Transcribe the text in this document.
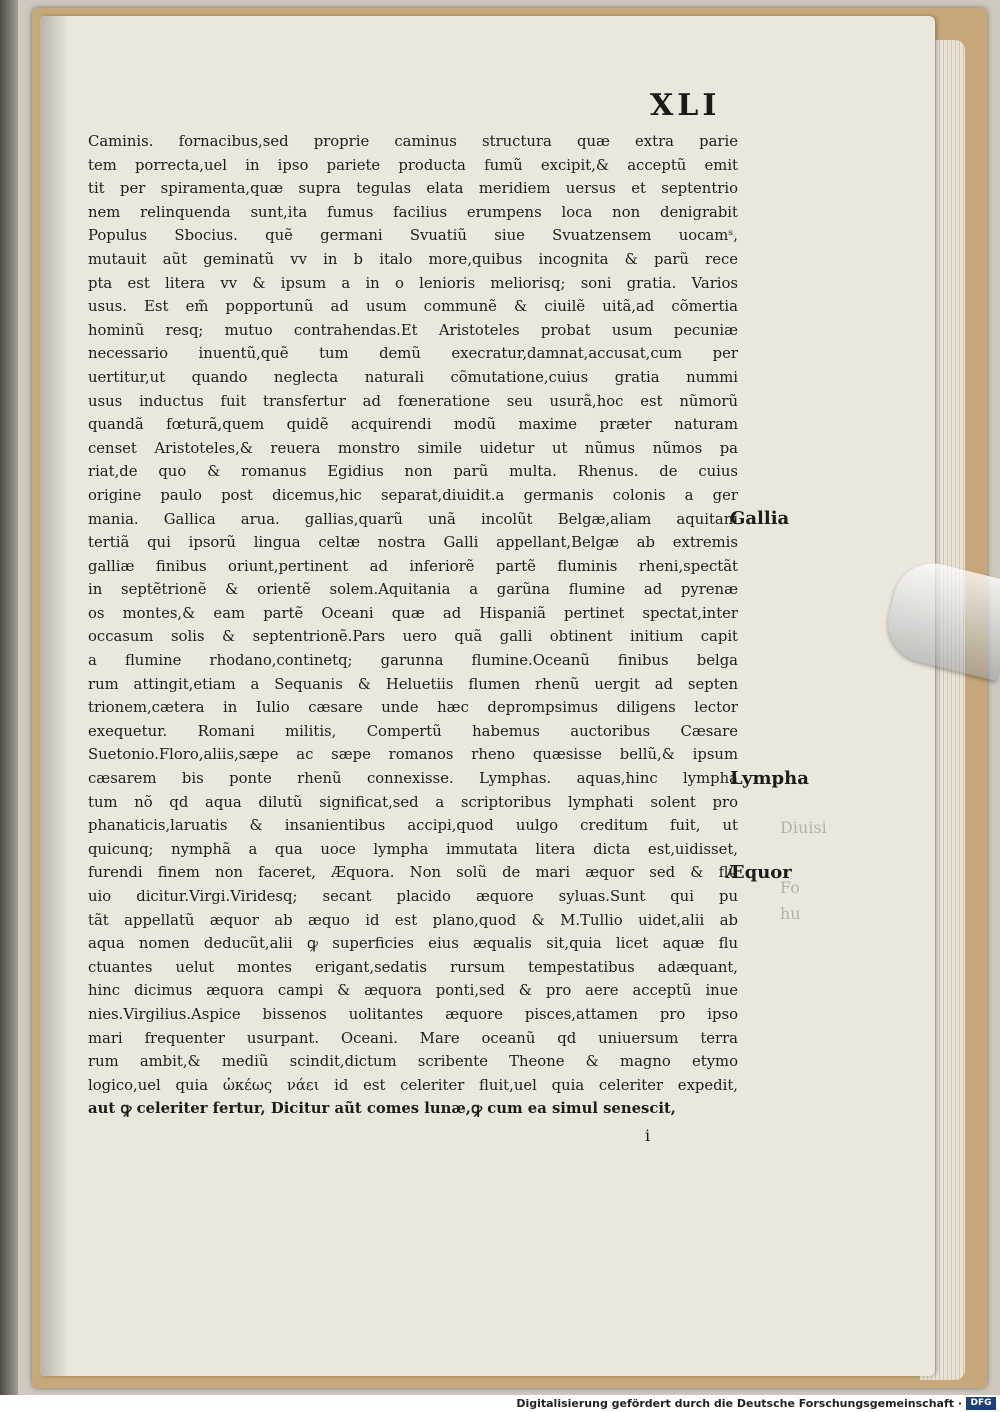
XLI
Caminis. fornacibus,sed proprie caminus structura quæ extra parie
tem porrecta,uel in ipso pariete producta fumũ excipit,& acceptũ emit
tit per spiramenta,quæ supra tegulas elata meridiem uersus et septentrio
nem relinquenda sunt,ita fumus facilius erumpens loca non denigrabit
Populus Sbocius. quẽ germani Svuatiũ siue Svuatzensem uocamˢ,
mutauit aũt geminatũ vv in b italo more,quibus incognita & parũ rece
pta est litera vv & ipsum a in o lenioris meliorisq; soni gratia. Varios
usus. Est em̃ popportunũ ad usum communẽ & ciuilẽ uitã,ad cõmertia
hominũ resq; mutuo contrahendas.Et Aristoteles probat usum pecuniæ
necessario inuentũ,quẽ tum demũ execratur,damnat,accusat,cum per
uertitur,ut quando neglecta naturali cõmutatione,cuius gratia nummi
usus inductus fuit transfertur ad fœneratione seu usurã,hoc est nũmorũ
quandã fœturã,quem quidẽ acquirendi modũ maxime præter naturam
censet Aristoteles,& reuera monstro simile uidetur ut nũmus nũmos pa
riat,de quo & romanus Egidius non parũ multa. Rhenus. de cuius
origine paulo post dicemus,hic separat,diuidit.a germanis colonis a ger
mania. Gallica arua. gallias,quarũ unã incolũt Belgæ,aliam aquitani
tertiã qui ipsorũ lingua celtæ nostra Galli appellant,Belgæ ab extremis
galliæ finibus oriunt,pertinent ad inferiorẽ partẽ fluminis rheni,spectãt
in septẽtrionẽ & orientẽ solem.Aquitania a garũna flumine ad pyrenæ
os montes,& eam partẽ Oceani quæ ad Hispaniã pertinet spectat,inter
occasum solis & septentrionẽ.Pars uero quã galli obtinent initium capit
a flumine rhodano,continetq; garunna flumine.Oceanũ finibus belga
rum attingit,etiam a Sequanis & Heluetiis flumen rhenũ uergit ad septen
trionem,cætera in Iulio cæsare unde hæc deprompsimus diligens lector
exequetur. Romani militis, Compertũ habemus auctoribus Cæsare
Suetonio.Floro,aliis,sæpe ac sæpe romanos rheno quæsisse bellũ,& ipsum
cæsarem bis ponte rhenũ connexisse. Lymphas. aquas,hinc lympha
tum nõ qd aqua dilutũ significat,sed a scriptoribus lymphati solent pro
phanaticis,laruatis & insanientibus accipi,quod uulgo creditum fuit, ut
quicunq; nymphã a qua uoce lympha immutata litera dicta est,uidisset,
furendi finem non faceret, Æquora. Non solũ de mari æquor sed & flu
uio dicitur.Virgi.Viridesq; secant placido æquore syluas.Sunt qui pu
tãt appellatũ æquor ab æquo id est plano,quod & M.Tullio uidet,alii ab
aqua nomen deducũt,alii ꝙ superficies eius æqualis sit,quia licet aquæ flu
ctuantes uelut montes erigant,sedatis rursum tempestatibus adæquant,
hinc dicimus æquora campi & æquora ponti,sed & pro aere acceptũ inue
nies.Virgilius.Aspice bissenos uolitantes æquore pisces,attamen pro ipso
mari frequenter usurpant. Oceani. Mare oceanũ qd uniuersum terra
rum ambit,& mediũ scindit,dictum scribente Theone & magno etymo
logico,uel quia ὠκέως νάει id est celeriter fluit,uel quia celeriter expedit,
aut ꝙ celeriter fertur, Dicitur aũt comes lunæ,ꝙ cum ea simul senescit,
Gallia
Lympha
Æquor
Diuisi
Fo
hu
i
Digitalisierung gefördert durch die Deutsche Forschungsgemeinschaft · DFG
